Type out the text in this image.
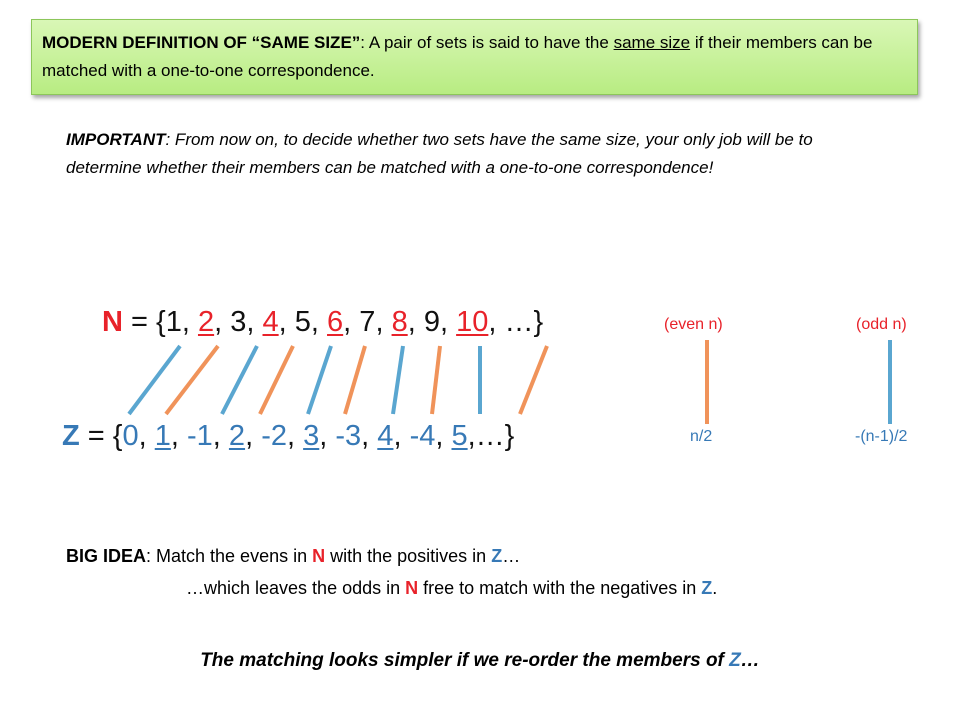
MODERN DEFINITION OF “SAME SIZE”: A pair of sets is said to have the same size if their members can be matched with a one-to-one correspondence.
IMPORTANT: From now on, to decide whether two sets have the same size, your only job will be to determine whether their members can be matched with a one-to-one correspondence!
N = {1, 2, 3, 4, 5, 6, 7, 8, 9, 10, …}
Z = {0, 1, -1, 2, -2, 3, -3, 4, -4, 5,…}
(even n)	(odd n)
n/2	-(n-1)/2
BIG IDEA: Match the evens in N with the positives in Z…
…which leaves the odds in N free to match with the negatives in Z.
The matching looks simpler if we re-order the members of Z…
